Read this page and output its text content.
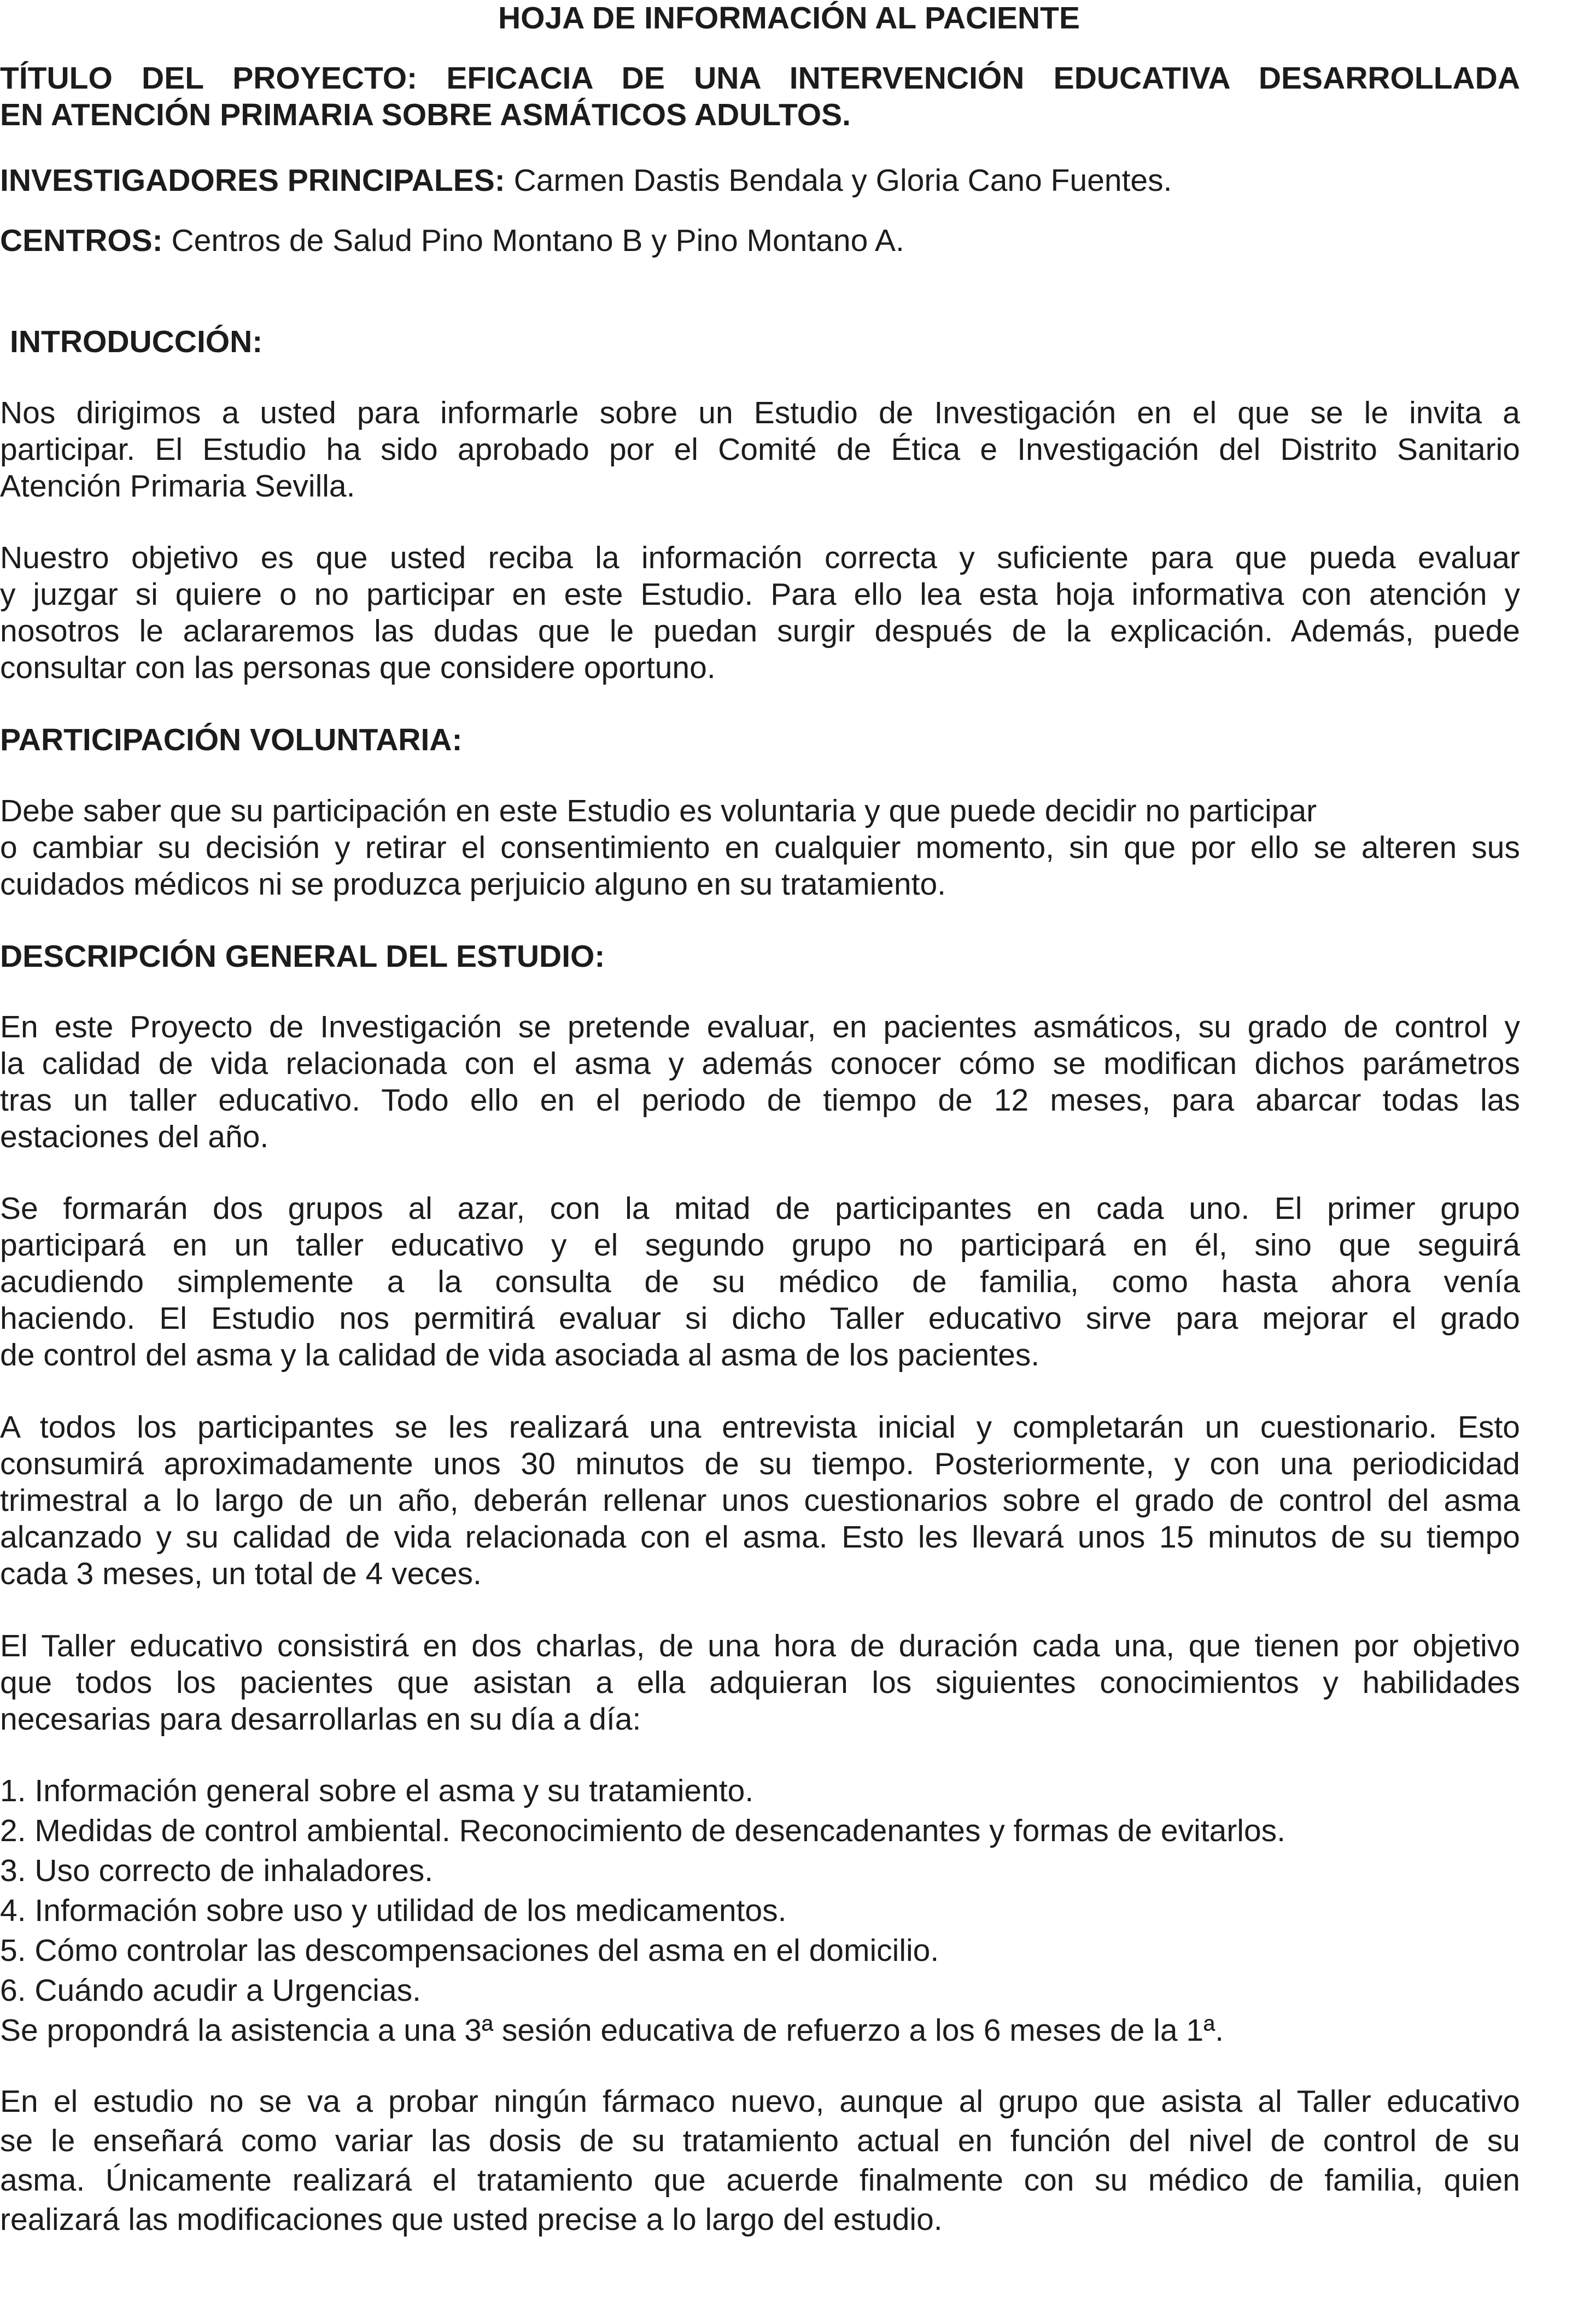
HOJA DE INFORMACIÓN AL PACIENTE
TÍTULO DEL PROYECTO: EFICACIA DE UNA INTERVENCIÓN EDUCATIVA DESARROLLADA
EN ATENCIÓN PRIMARIA SOBRE ASMÁTICOS ADULTOS.
INVESTIGADORES PRINCIPALES: Carmen Dastis Bendala y Gloria Cano Fuentes.
CENTROS: Centros de Salud Pino Montano B y Pino Montano A.
INTRODUCCIÓN:
Nos dirigimos a usted para informarle sobre un Estudio de Investigación en el que se le invita a
participar. El Estudio ha sido aprobado por el Comité de Ética e Investigación del Distrito Sanitario
Atención Primaria Sevilla.
Nuestro objetivo es que usted reciba la información correcta y suficiente para que pueda evaluar
y juzgar si quiere o no participar en este Estudio. Para ello lea esta hoja informativa con atención y
nosotros le aclararemos las dudas que le puedan surgir después de la explicación. Además, puede
consultar con las personas que considere oportuno.
PARTICIPACIÓN VOLUNTARIA:
Debe saber que su participación en este Estudio es voluntaria y que puede decidir no participar
o cambiar su decisión y retirar el consentimiento en cualquier momento, sin que por ello se alteren sus
cuidados médicos ni se produzca perjuicio alguno en su tratamiento.
DESCRIPCIÓN GENERAL DEL ESTUDIO:
En este Proyecto de Investigación se pretende evaluar, en pacientes asmáticos, su grado de control y
la calidad de vida relacionada con el asma y además conocer cómo se modifican dichos parámetros
tras un taller educativo. Todo ello en el periodo de tiempo de 12 meses, para abarcar todas las
estaciones del año.
Se formarán dos grupos al azar, con la mitad de participantes en cada uno. El primer grupo
participará en un taller educativo y el segundo grupo no participará en él, sino que seguirá
acudiendo simplemente a la consulta de su médico de familia, como hasta ahora venía
haciendo. El Estudio nos permitirá evaluar si dicho Taller educativo sirve para mejorar el grado
de control del asma y la calidad de vida asociada al asma de los pacientes.
A todos los participantes se les realizará una entrevista inicial y completarán un cuestionario. Esto
consumirá aproximadamente unos 30 minutos de su tiempo. Posteriormente, y con una periodicidad
trimestral a lo largo de un año, deberán rellenar unos cuestionarios sobre el grado de control del asma
alcanzado y su calidad de vida relacionada con el asma. Esto les llevará unos 15 minutos de su tiempo
cada 3 meses, un total de 4 veces.
El Taller educativo consistirá en dos charlas, de una hora de duración cada una, que tienen por objetivo
que todos los pacientes que asistan a ella adquieran los siguientes conocimientos y habilidades
necesarias para desarrollarlas en su día a día:
1. Información general sobre el asma y su tratamiento.
2. Medidas de control ambiental. Reconocimiento de desencadenantes y formas de evitarlos.
3. Uso correcto de inhaladores.
4. Información sobre uso y utilidad de los medicamentos.
5. Cómo controlar las descompensaciones del asma en el domicilio.
6. Cuándo acudir a Urgencias.
Se propondrá la asistencia a una 3ª sesión educativa de refuerzo a los 6 meses de la 1ª.
En el estudio no se va a probar ningún fármaco nuevo, aunque al grupo que asista al Taller educativo
se le enseñará como variar las dosis de su tratamiento actual en función del nivel de control de su
asma. Únicamente realizará el tratamiento que acuerde finalmente con su médico de familia, quien
realizará las modificaciones que usted precise a lo largo del estudio.
